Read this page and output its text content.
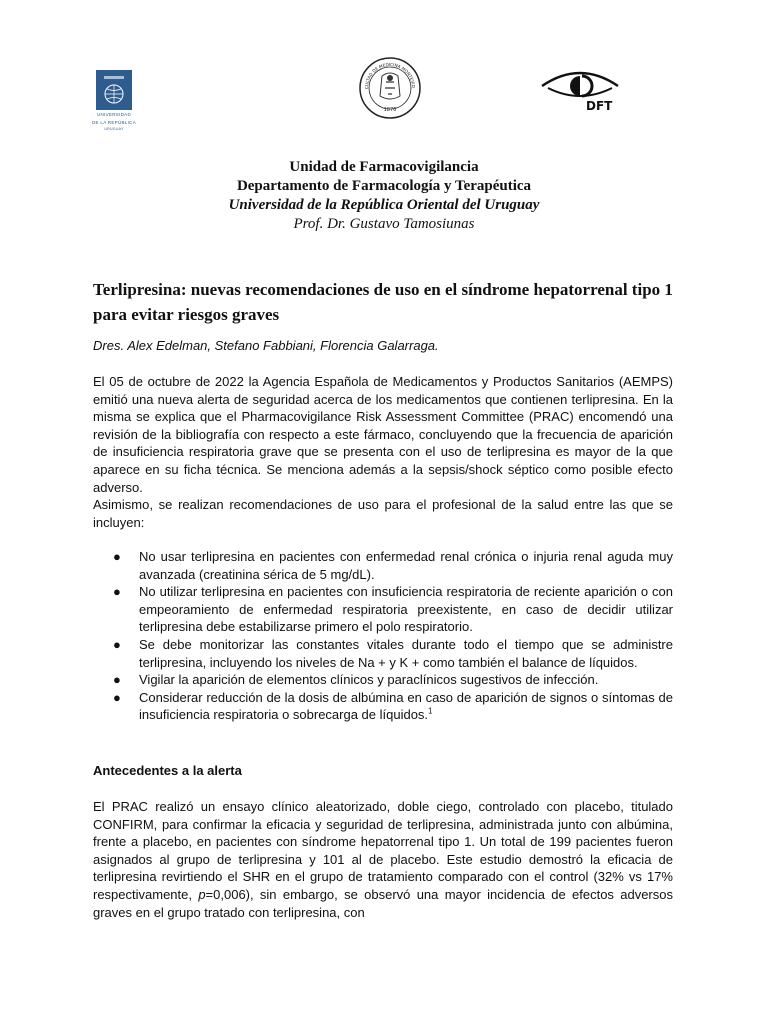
UNIVERSIDAD
DE LA REPÚBLICA
URUGUAY
CULTAD DE MEDICINA MONTEVID
1876	DFT
Unidad de Farmacovigilancia
Departamento de Farmacología y Terapéutica
Universidad de la República Oriental del Uruguay
Prof. Dr. Gustavo Tamosiunas
Terlipresina: nuevas recomendaciones de uso en el síndrome hepatorrenal tipo 1 para evitar riesgos graves
Dres. Alex Edelman, Stefano Fabbiani, Florencia Galarraga.

El 05 de octubre de 2022 la Agencia Española de Medicamentos y Productos Sanitarios (AEMPS) emitió una nueva alerta de seguridad acerca de los medicamentos que contienen terlipresina. En la misma se explica que el Pharmacovigilance Risk Assessment Committee (PRAC) encomendó una revisión de la bibliografía con respecto a este fármaco, concluyendo que la frecuencia de aparición de insuficiencia respiratoria grave que se presenta con el uso de terlipresina es mayor de la que aparece en su ficha técnica. Se menciona además a la sepsis/shock séptico como posible efecto adverso.

Asimismo, se realizan recomendaciones de uso para el profesional de la salud entre las que se incluyen:

● No usar terlipresina en pacientes con enfermedad renal crónica o injuria renal aguda muy avanzada (creatinina sérica de 5 mg/dL).

● No utilizar terlipresina en pacientes con insuficiencia respiratoria de reciente aparición o con empeoramiento de enfermedad respiratoria preexistente, en caso de decidir utilizar terlipresina debe estabilizarse primero el polo respiratorio.

● Se debe monitorizar las constantes vitales durante todo el tiempo que se administre terlipresina, incluyendo los niveles de Na + y K + como también el balance de líquidos.

● Vigilar la aparición de elementos clínicos y paraclínicos sugestivos de infección.

● Considerar reducción de la dosis de albúmina en caso de aparición de signos o síntomas de insuficiencia respiratoria o sobrecarga de líquidos.$^1$

Antecedentes a la alerta

El PRAC realizó un ensayo clínico aleatorizado, doble ciego, controlado con placebo, titulado CONFIRM, para confirmar la eficacia y seguridad de terlipresina, administrada junto con albúmina, frente a placebo, en pacientes con síndrome hepatorrenal tipo 1. Un total de 199 pacientes fueron asignados al grupo de terlipresina y 101 al de placebo. Este estudio demostró la eficacia de terlipresina revirtiendo el SHR en el grupo de tratamiento comparado con el control (32% vs 17% respectivamente, p=0,006), sin embargo, se observó una mayor incidencia de efectos adversos graves en el grupo tratado con terlipresina, con
